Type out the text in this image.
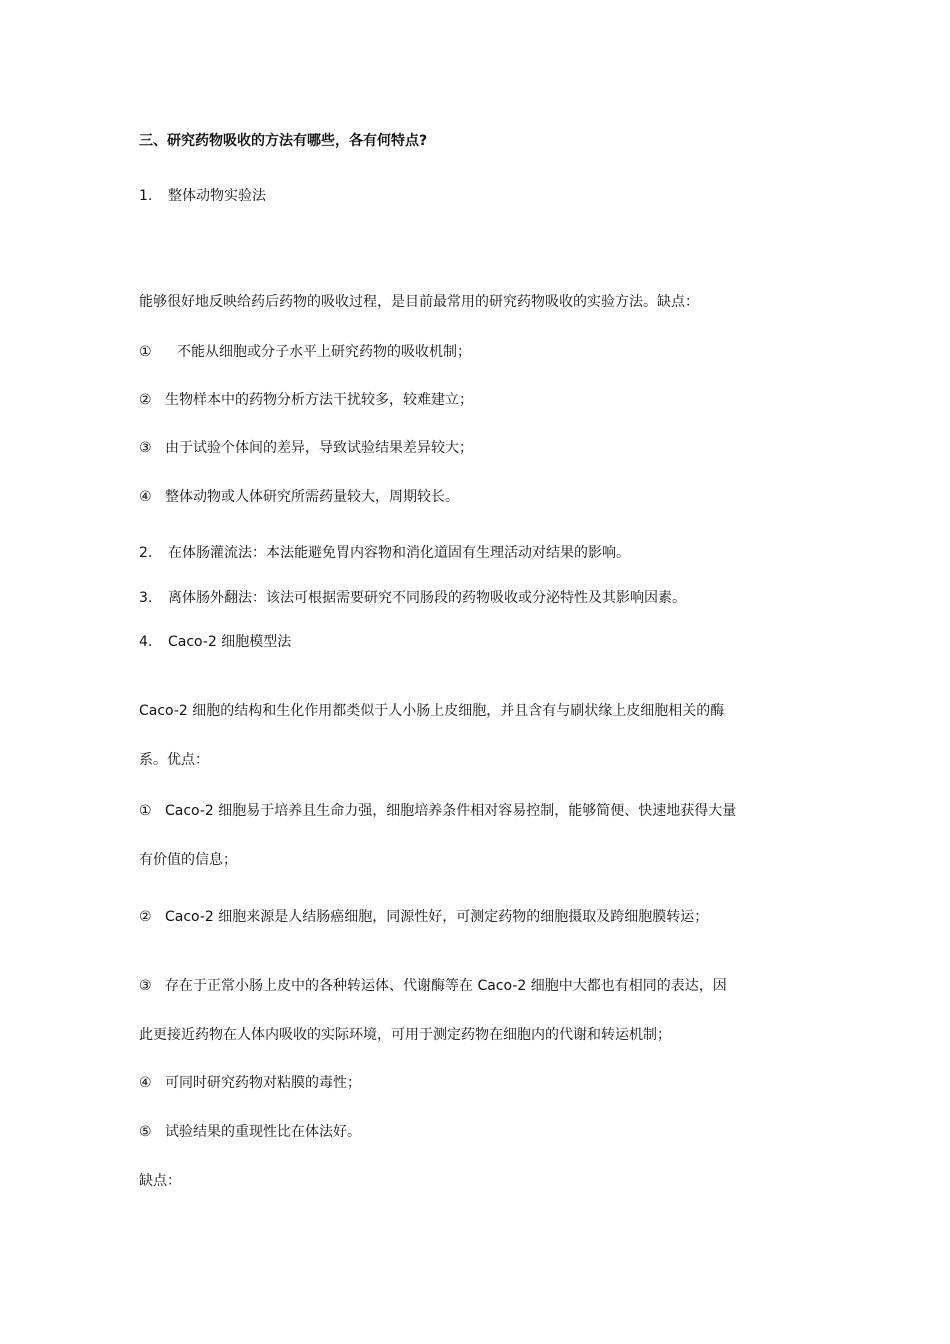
三、研究药物吸收的方法有哪些，各有何特点?
1. 整体动物实验法
能够很好地反映给药后药物的吸收过程，是目前最常用的研究药物吸收的实验方法。缺点：
① 不能从细胞或分子水平上研究药物的吸收机制；
② 生物样本中的药物分析方法干扰较多，较难建立；
③ 由于试验个体间的差异，导致试验结果差异较大；
④ 整体动物或人体研究所需药量较大，周期较长。
2. 在体肠灌流法：本法能避免胃内容物和消化道固有生理活动对结果的影响。
3. 离体肠外翻法：该法可根据需要研究不同肠段的药物吸收或分泌特性及其影响因素。
4. Caco-2 细胞模型法
Caco-2 细胞的结构和生化作用都类似于人小肠上皮细胞，并且含有与刷状缘上皮细胞相关的酶
系。优点：
① Caco-2 细胞易于培养且生命力强，细胞培养条件相对容易控制，能够简便、快速地获得大量
有价值的信息；
② Caco-2 细胞来源是人结肠癌细胞，同源性好，可测定药物的细胞摄取及跨细胞膜转运；
③ 存在于正常小肠上皮中的各种转运体、代谢酶等在 Caco-2 细胞中大都也有相同的表达，因
此更接近药物在人体内吸收的实际环境，可用于测定药物在细胞内的代谢和转运机制；
④ 可同时研究药物对粘膜的毒性；
⑤ 试验结果的重现性比在体法好。
缺点：
